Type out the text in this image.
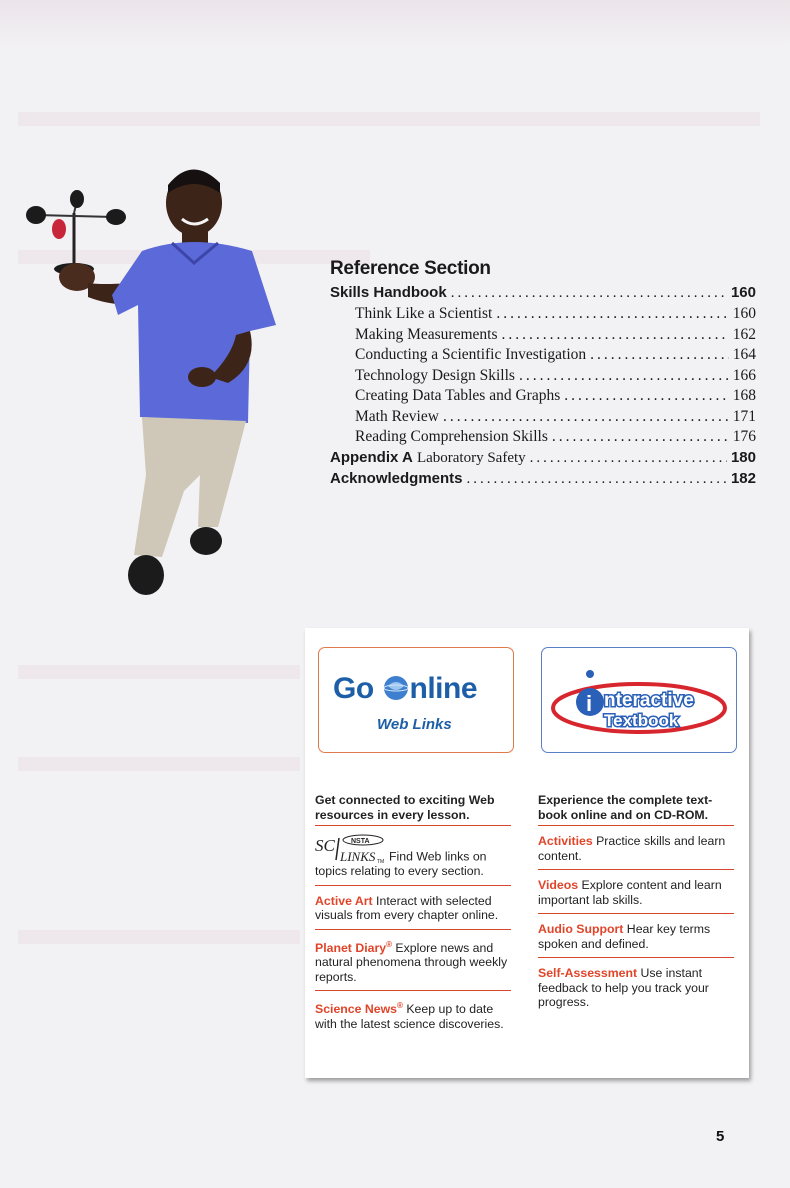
Reference Section
Skills Handbook .....	160
Think Like a Scientist .....	160
Making Measurements .....	162
Conducting a Scientific Investigation .....	164
Technology Design Skills .....	166
Creating Data Tables and Graphs .....	168
Math Review .....	171
Reading Comprehension Skills .....	176
Appendix A Laboratory Safety .....	180
Acknowledgments .....	182
Go nline
Web Links
i nteractive
Textbook
Get connected to exciting Web resources in every lesson.
SC NSTA
LINKS TM Find Web links on topics relating to every section.
Active Art Interact with selected visuals from every chapter online.
Planet Diary® Explore news and natural phenomena through weekly reports.
Science News® Keep up to date with the latest science discoveries.
Experience the complete text-book online and on CD-ROM.
Activities Practice skills and learn content.
Videos Explore content and learn important lab skills.
Audio Support Hear key terms spoken and defined.
Self-Assessment Use instant feedback to help you track your progress.
5
